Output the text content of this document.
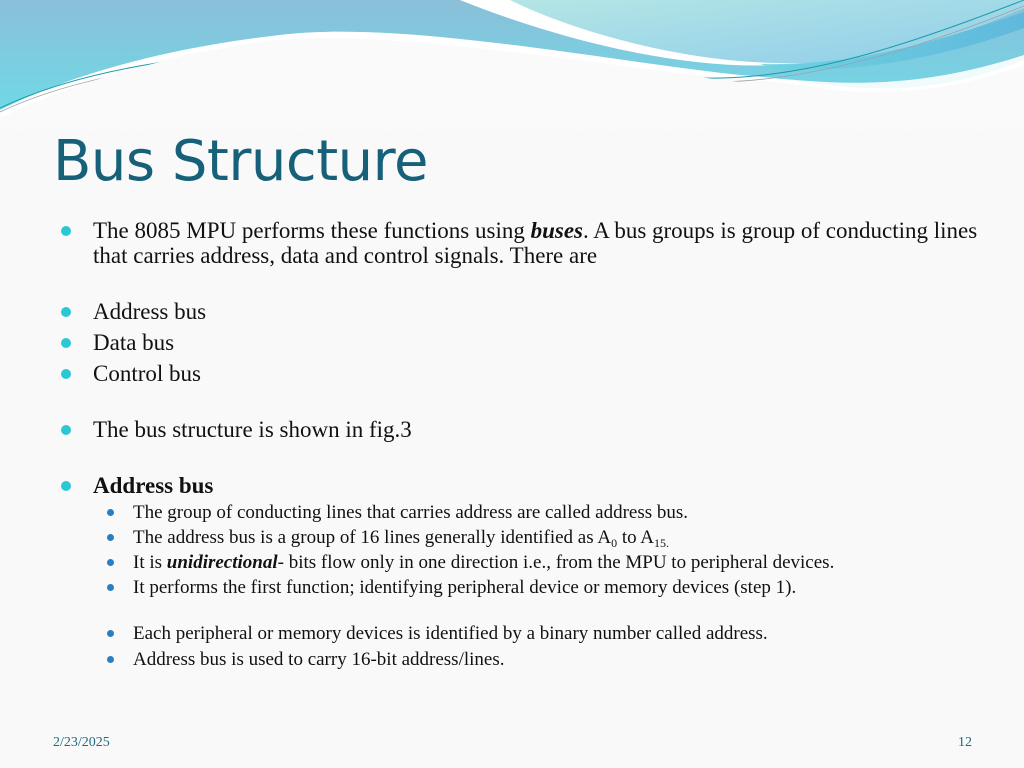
Bus Structure

The 8085 MPU performs these functions using buses. A bus groups is group of conducting lines that carries address, data and control signals. There are

Address bus

Data bus

Control bus

The bus structure is shown in fig.3

Address bus

The group of conducting lines that carries address are called address bus.

The address bus is a group of 16 lines generally identified as $A_0$ to $A_{15.}$

It is unidirectional- bits flow only in one direction i.e., from the MPU to peripheral devices.

It performs the first function; identifying peripheral device or memory devices (step 1).

Each peripheral or memory devices is identified by a binary number called address.

Address bus is used to carry 16-bit address/lines.

2/23/2025	12
